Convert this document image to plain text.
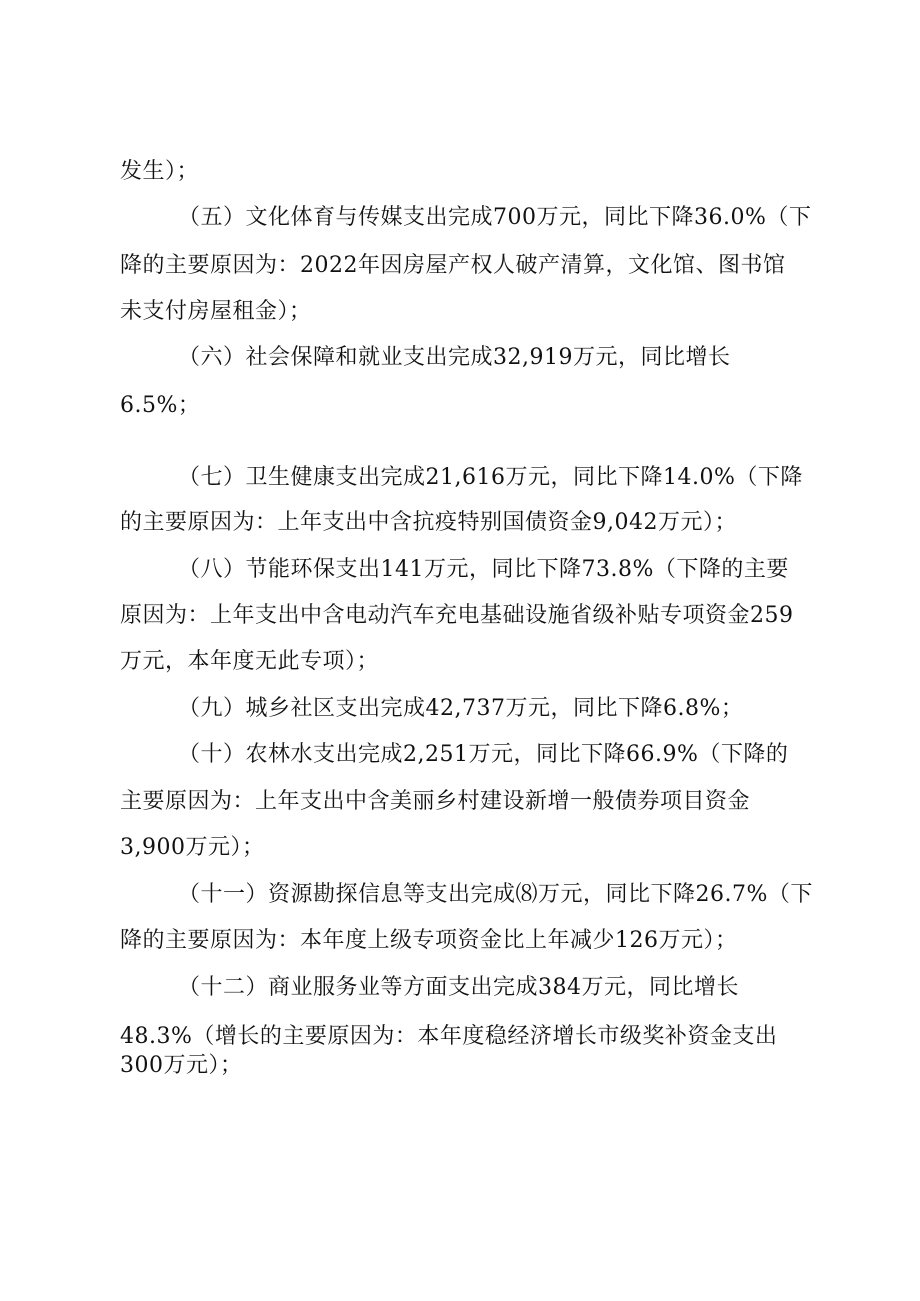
发生）；
（五）文化体育与传媒支出完成700万元，同比下降36.0%（下
降的主要原因为：2022年因房屋产权人破产清算，文化馆、图书馆
未支付房屋租金）；
（六）社会保障和就业支出完成32,919万元，同比增长
6.5%；
（七）卫生健康支出完成21,616万元，同比下降14.0%（下降
的主要原因为：上年支出中含抗疫特别国债资金9,042万元）；
（八）节能环保支出141万元，同比下降73.8%（下降的主要
原因为：上年支出中含电动汽车充电基础设施省级补贴专项资金259
万元，本年度无此专项）；
（九）城乡社区支出完成42,737万元，同比下降6.8%；
（十）农林水支出完成2,251万元，同比下降66.9%（下降的
主要原因为：上年支出中含美丽乡村建设新增一般债券项目资金
3,900万元）；
（十一）资源勘探信息等支出完成⑻万元，同比下降26.7%（下
降的主要原因为：本年度上级专项资金比上年减少126万元）；
（十二）商业服务业等方面支出完成384万元，同比增长
48.3%（增长的主要原因为：本年度稳经济增长市级奖补资金支出
300万元）；
